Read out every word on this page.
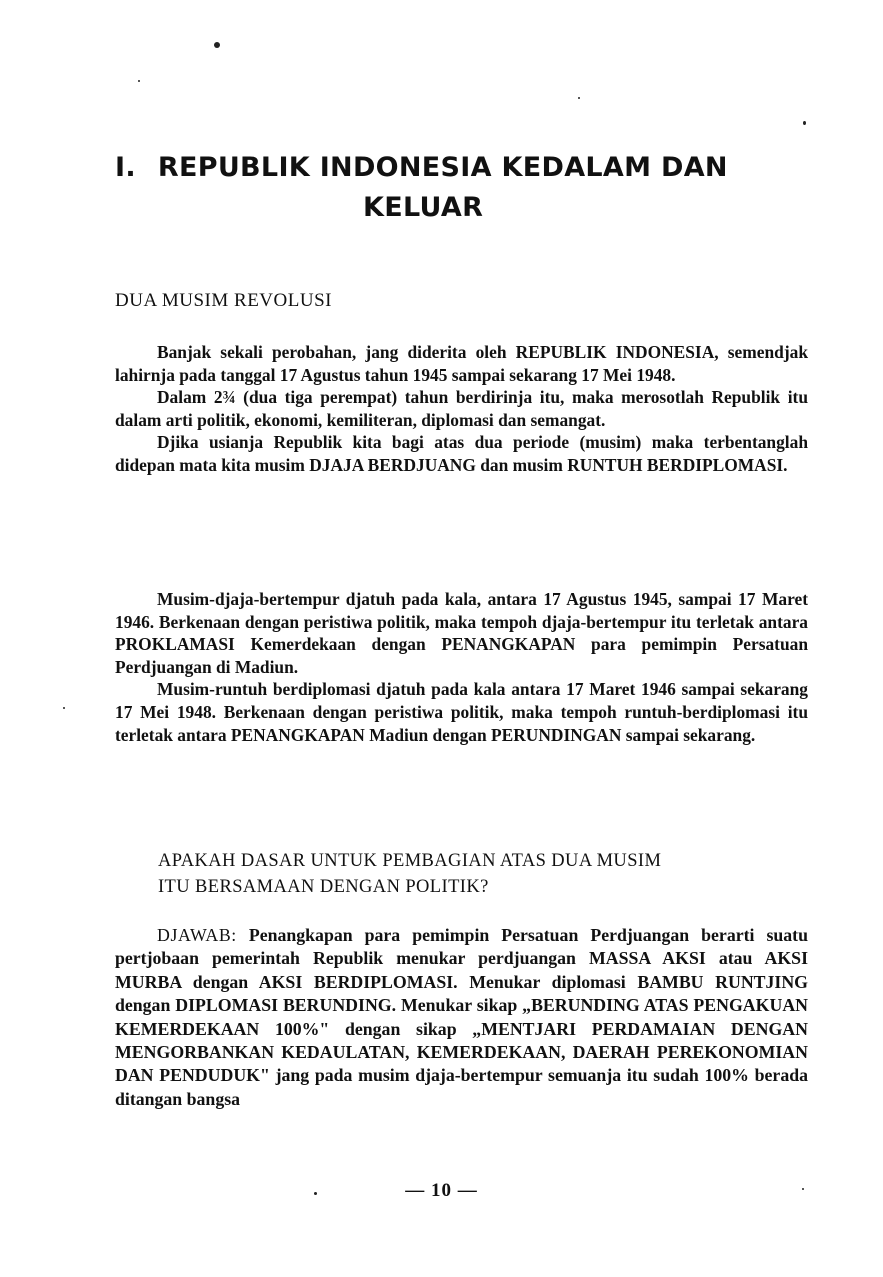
I. REPUBLIK INDONESIA KEDALAM DAN
KELUAR
DUA MUSIM REVOLUSI

Banjak sekali perobahan, jang diderita oleh REPUBLIK INDONESIA, semendjak lahirnja pada tanggal 17 Agustus tahun 1945 sampai sekarang 17 Mei 1948.

Dalam 2¾ (dua tiga perempat) tahun berdirinja itu, maka merosotlah Republik itu dalam arti politik, ekonomi, kemiliteran, diplomasi dan semangat.

Djika usianja Republik kita bagi atas dua periode (musim) maka terbentanglah didepan mata kita musim DJAJA BERDJUANG dan musim RUNTUH BERDIPLOMASI.

Musim-djaja-bertempur djatuh pada kala, antara 17 Agustus 1945, sampai 17 Maret 1946. Berkenaan dengan peristiwa politik, maka tempoh djaja-bertempur itu terletak antara PROKLAMASI Kemerdekaan dengan PENANGKAPAN para pemimpin Persatuan Perdjuangan di Madiun.

Musim-runtuh berdiplomasi djatuh pada kala antara 17 Maret 1946 sampai sekarang 17 Mei 1948. Berkenaan dengan peristiwa politik, maka tempoh runtuh-berdiplomasi itu terletak antara PENANGKAPAN Madiun dengan PERUNDINGAN sampai sekarang.

APAKAH DASAR UNTUK PEMBAGIAN ATAS DUA MUSIM
ITU BERSAMAAN DENGAN POLITIK?

DJAWAB: Penangkapan para pemimpin Persatuan Perdjuangan berarti suatu pertjobaan pemerintah Republik menukar perdjuangan MASSA AKSI atau AKSI MURBA dengan AKSI BERDIPLOMASI. Menukar diplomasi BAMBU RUNTJING dengan DIPLOMASI BERUNDING. Menukar sikap „BERUNDING ATAS PENGAKUAN KEMERDEKAAN 100%" dengan sikap „MENTJARI PERDAMAIAN DENGAN MENGORBANKAN KEDAULATAN, KEMERDEKAAN, DAERAH PEREKONOMIAN DAN PENDUDUK" jang pada musim djaja-bertempur semuanja itu sudah 100% berada ditangan bangsa

— 10 —
